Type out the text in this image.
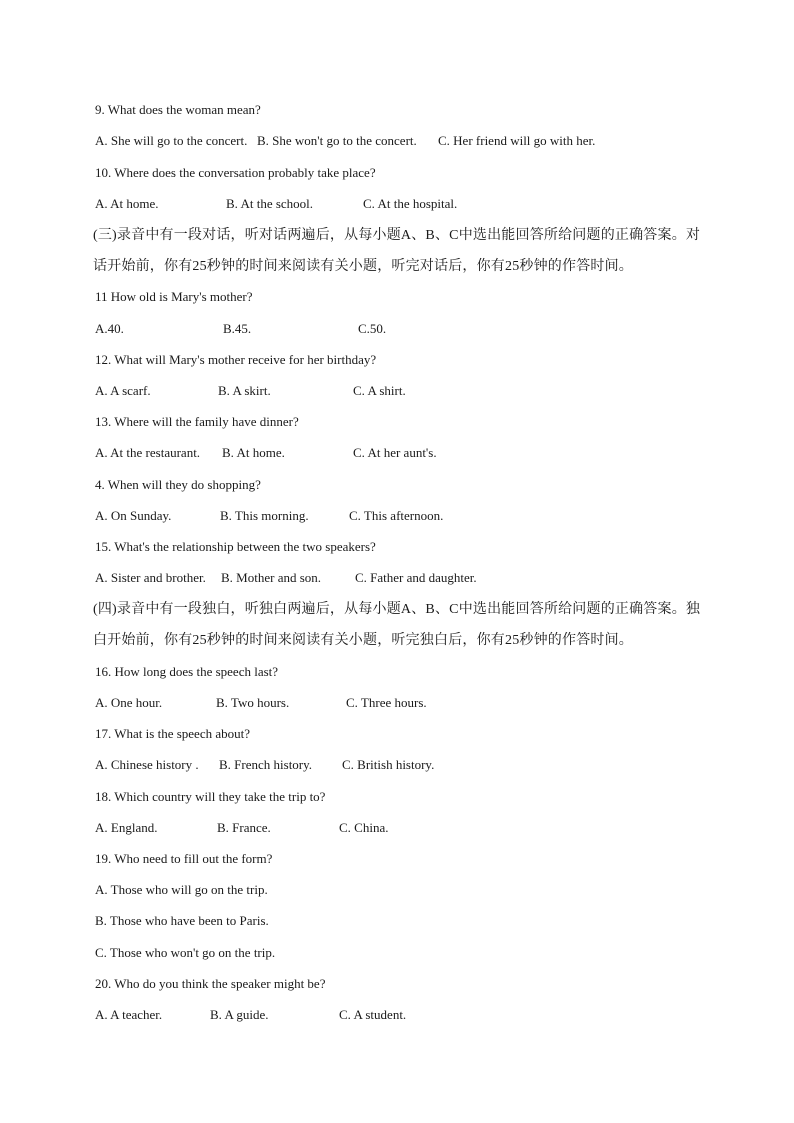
9. What does the woman mean?
A. She will go to the concert. B. She won't go to the concert. C. Her friend will go with her.
10. Where does the conversation probably take place?
A. At home.	B. At the school.	C. At the hospital.
(三)录音中有一段对话，听对话两遍后，从每小题A、B、C中选出能回答所给问题的正确答案。对话开始前，你有25秒钟的时间来阅读有关小题，听完对话后，你有25秒钟的作答时间。
11 How old is Mary's mother?
A.40.	B.45.	C.50.
12. What will Mary's mother receive for her birthday?
A. A scarf.	B. A skirt.	C. A shirt.
13. Where will the family have dinner?
A. At the restaurant. B. At home.	C. At her aunt's.
4. When will they do shopping?
A. On Sunday.	B. This morning.	C. This afternoon.
15. What's the relationship between the two speakers?
A. Sister and brother. B. Mother and son.	C. Father and daughter.
(四)录音中有一段独白，听独白两遍后，从每小题A、B、C中选出能回答所给问题的正确答案。独白开始前，你有25秒钟的时间来阅读有关小题，听完独白后，你有25秒钟的作答时间。
16. How long does the speech last?
A. One hour.	B. Two hours.	C. Three hours.
17. What is the speech about?
A. Chinese history . B. French history. C. British history.
18. Which country will they take the trip to?
A. England.	B. France.	C. China.
19. Who need to fill out the form?
A. Those who will go on the trip.
B. Those who have been to Paris.
C. Those who won't go on the trip.
20. Who do you think the speaker might be?
A. A teacher.	B. A guide.	C. A student.
